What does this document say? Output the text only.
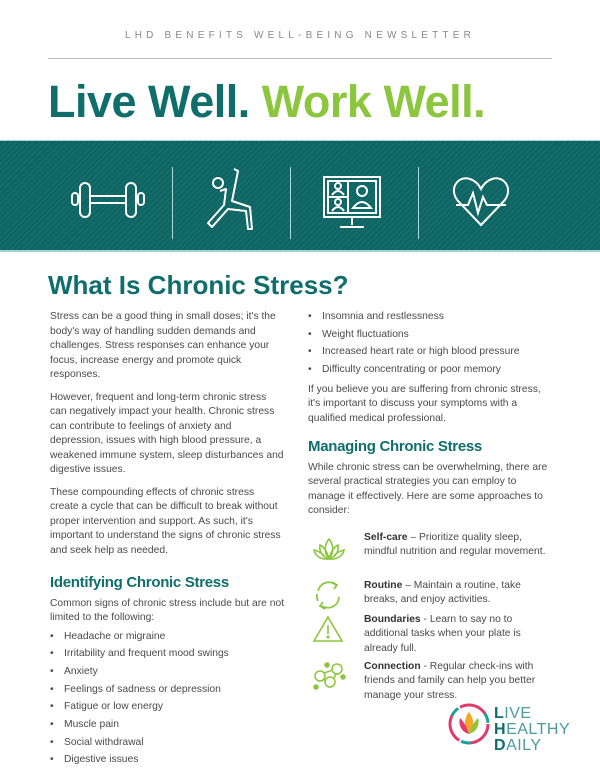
LHD BENEFITS WELL-BEING NEWSLETTER
Live Well. Work Well.
What Is Chronic Stress?

Stress can be a good thing in small doses; it's the body's way of handling sudden demands and challenges. Stress responses can enhance your focus, increase energy and promote quick responses.

However, frequent and long-term chronic stress can negatively impact your health. Chronic stress can contribute to feelings of anxiety and depression, issues with high blood pressure, a weakened immune system, sleep disturbances and digestive issues.

These compounding effects of chronic stress create a cycle that can be difficult to break without proper intervention and support. As such, it's important to understand the signs of chronic stress and seek help as needed.

Identifying Chronic Stress

Common signs of chronic stress include but are not limited to the following:

• Headache or migraine
• Irritability and frequent mood swings
• Anxiety
• Feelings of sadness or depression
• Fatigue or low energy
• Muscle pain
• Social withdrawal
• Digestive issues
• Insomnia and restlessness
• Weight fluctuations
• Increased heart rate or high blood pressure
• Difficulty concentrating or poor memory

If you believe you are suffering from chronic stress, it's important to discuss your symptoms with a qualified medical professional.

Managing Chronic Stress

While chronic stress can be overwhelming, there are several practical strategies you can employ to manage it effectively. Here are some approaches to consider:

Self-care – Prioritize quality sleep, mindful nutrition and regular movement.
Routine – Maintain a routine, take breaks, and enjoy activities.
Boundaries - Learn to say no to additional tasks when your plate is already full.
Connection - Regular check-ins with friends and family can help you better manage your stress.
LIVE
HEALTHY
DAILY
